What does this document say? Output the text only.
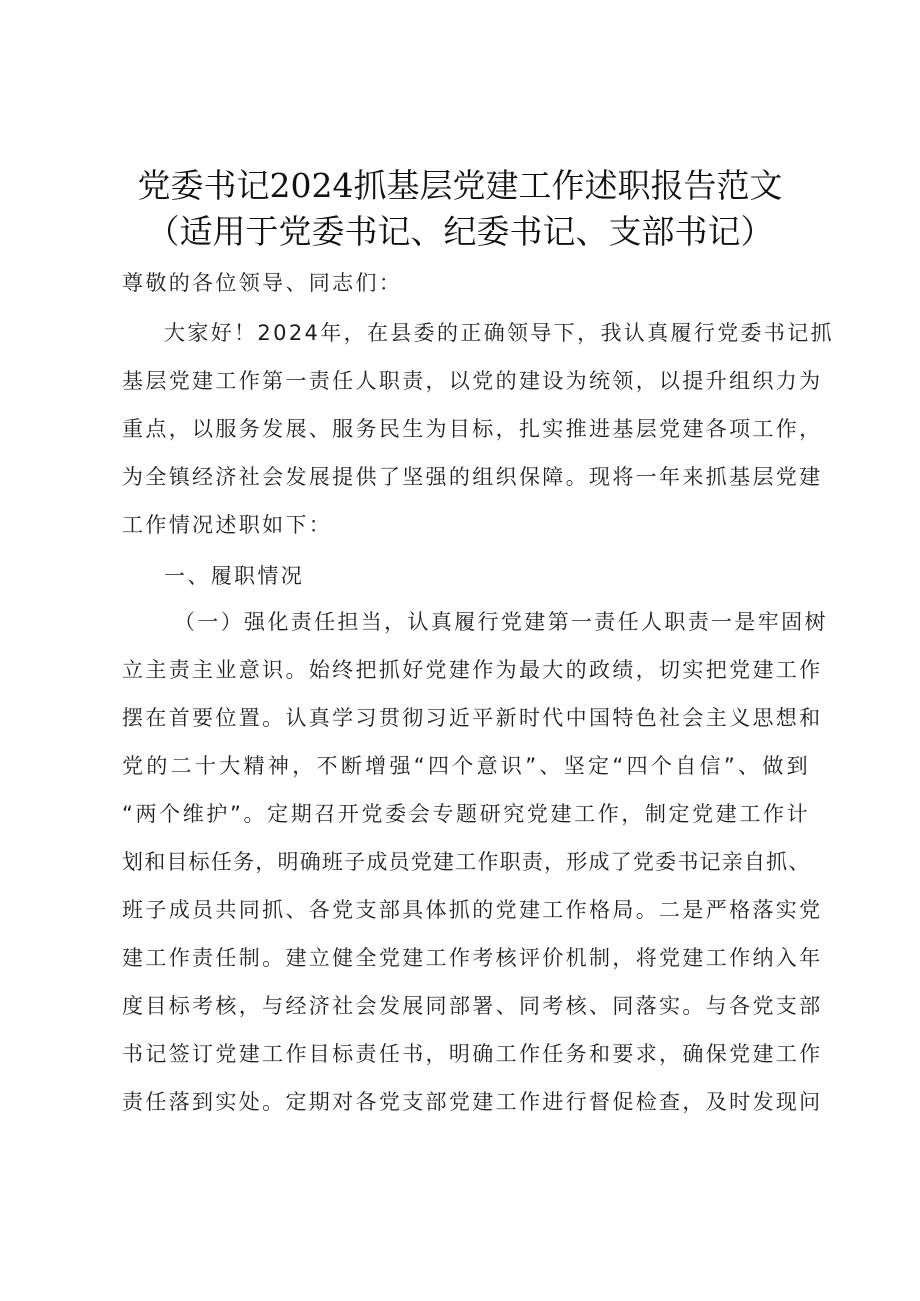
党委书记2024抓基层党建工作述职报告范文
（适用于党委书记、纪委书记、支部书记）
尊敬的各位领导、同志们：
大家好！2024年，在县委的正确领导下，我认真履行党委书记抓
基层党建工作第一责任人职责，以党的建设为统领，以提升组织力为
重点，以服务发展、服务民生为目标，扎实推进基层党建各项工作，
为全镇经济社会发展提供了坚强的组织保障。现将一年来抓基层党建
工作情况述职如下：
一、履职情况
（一）强化责任担当，认真履行党建第一责任人职责一是牢固树
立主责主业意识。始终把抓好党建作为最大的政绩，切实把党建工作
摆在首要位置。认真学习贯彻习近平新时代中国特色社会主义思想和
党的二十大精神，不断增强“四个意识”、坚定“四个自信”、做到
“两个维护”。定期召开党委会专题研究党建工作，制定党建工作计
划和目标任务，明确班子成员党建工作职责，形成了党委书记亲自抓、
班子成员共同抓、各党支部具体抓的党建工作格局。二是严格落实党
建工作责任制。建立健全党建工作考核评价机制，将党建工作纳入年
度目标考核，与经济社会发展同部署、同考核、同落实。与各党支部
书记签订党建工作目标责任书，明确工作任务和要求，确保党建工作
责任落到实处。定期对各党支部党建工作进行督促检查，及时发现问
